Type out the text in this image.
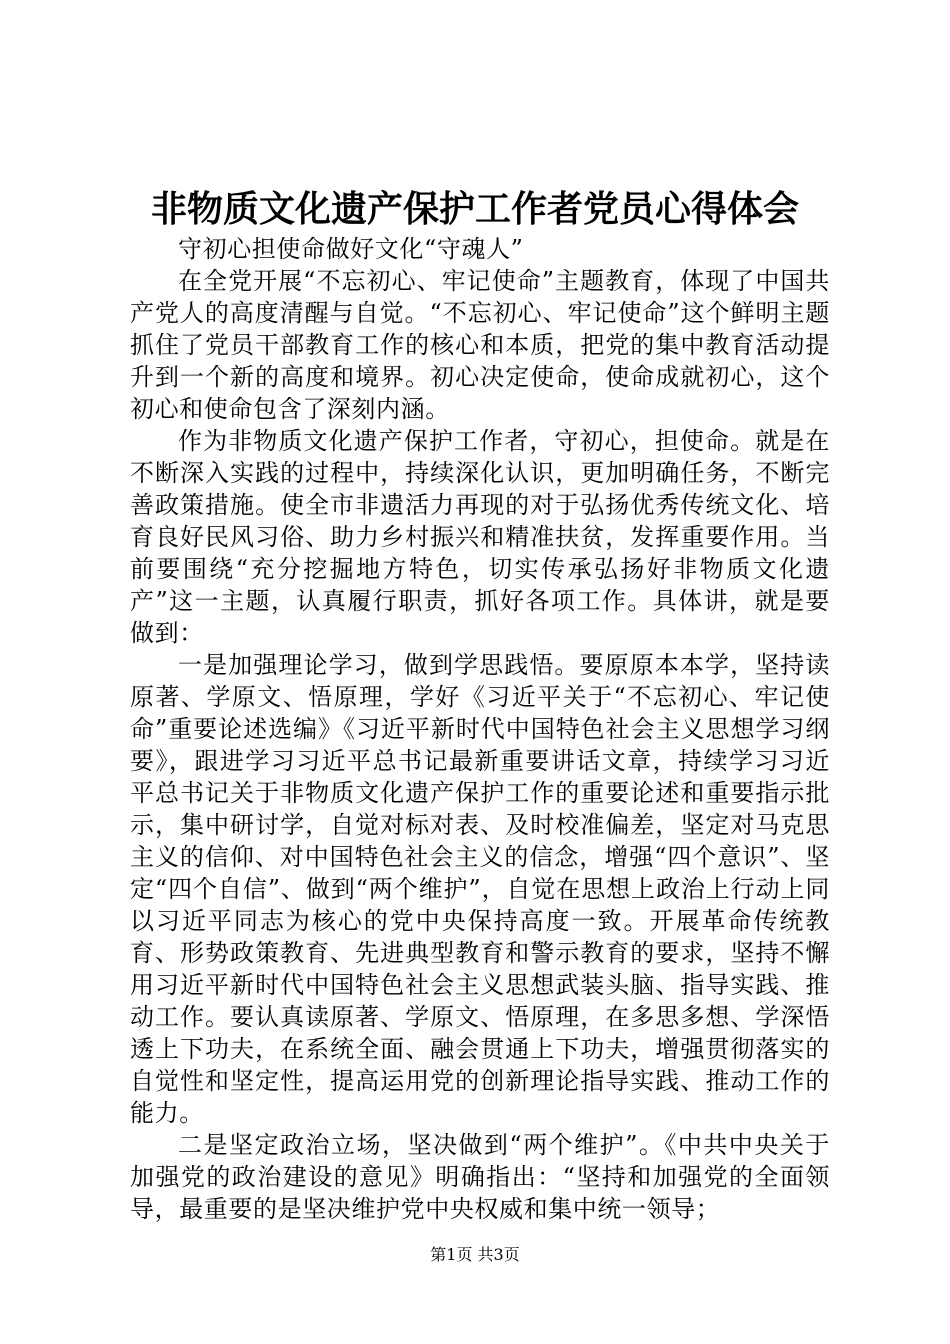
非物质文化遗产保护工作者党员心得体会

守初心担使命做好文化“守魂人”

在全党开展“不忘初心、牢记使命”主题教育，体现了中国共产党人的高度清醒与自觉。“不忘初心、牢记使命”这个鲜明主题抓住了党员干部教育工作的核心和本质，把党的集中教育活动提升到一个新的高度和境界。初心决定使命，使命成就初心，这个初心和使命包含了深刻内涵。

作为非物质文化遗产保护工作者，守初心，担使命。就是在不断深入实践的过程中，持续深化认识，更加明确任务，不断完善政策措施。使全市非遗活力再现的对于弘扬优秀传统文化、培育良好民风习俗、助力乡村振兴和精准扶贫，发挥重要作用。当前要围绕“充分挖掘地方特色，切实传承弘扬好非物质文化遗产”这一主题，认真履行职责，抓好各项工作。具体讲，就是要做到：

一是加强理论学习，做到学思践悟。要原原本本学，坚持读原著、学原文、悟原理，学好《习近平关于“不忘初心、牢记使命”重要论述选编》《习近平新时代中国特色社会主义思想学习纲要》，跟进学习习近平总书记最新重要讲话文章，持续学习习近平总书记关于非物质文化遗产保护工作的重要论述和重要指示批示，集中研讨学，自觉对标对表、及时校准偏差，坚定对马克思主义的信仰、对中国特色社会主义的信念，增强“四个意识”、坚定“四个自信”、做到“两个维护”，自觉在思想上政治上行动上同以习近平同志为核心的党中央保持高度一致。开展革命传统教育、形势政策教育、先进典型教育和警示教育的要求，坚持不懈用习近平新时代中国特色社会主义思想武装头脑、指导实践、推动工作。要认真读原著、学原文、悟原理，在多思多想、学深悟透上下功夫，在系统全面、融会贯通上下功夫，增强贯彻落实的自觉性和坚定性，提高运用党的创新理论指导实践、推动工作的能力。

二是坚定政治立场，坚决做到“两个维护”。《中共中央关于加强党的政治建设的意见》明确指出：“坚持和加强党的全面领导，最重要的是坚决维护党中央权威和集中统一领导；

第1页 共3页
